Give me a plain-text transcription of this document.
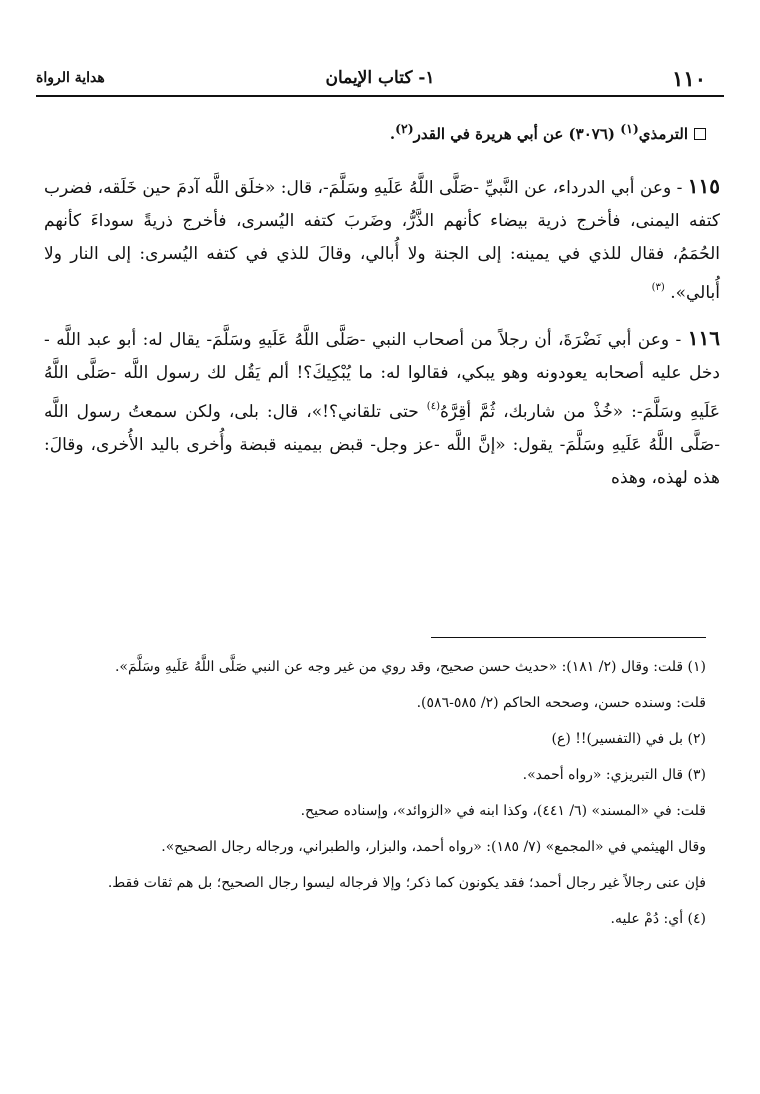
١١٠
١- كتاب الإيمان
هداية الرواة
الترمذي$^{(١)}$ (٣٠٧٦) عن أبي هريرة في القدر$^{(٢)}$.

١١٥ - وعن أبي الدرداء، عن النَّبيِّ -صَلَّى اللَّهُ عَلَيهِ وسَلَّمَ-، قال: «خلَق اللَّه آدمَ حين خَلَقه، فضرب كتفه اليمنى، فأخرج ذرية بيضاء كأنهم الذَّرُّ، وضَربَ كتفه اليُسرى، فأخرج ذريةً سوداءَ كأنهم الحُمَمُ، فقال للذي في يمينه: إلى الجنة ولا أُبالي، وقالَ للذي في كتفه اليُسرى: إلى النار ولا أُبالي». $^{(٣)}$

١١٦ - وعن أبي نَضْرَةَ، أن رجلاً من أصحاب النبي -صَلَّى اللَّهُ عَلَيهِ وسَلَّمَ- يقال له: أبو عبد اللَّه - دخل عليه أصحابه يعودونه وهو يبكي، فقالوا له: ما يُبْكِيكَ؟! ألم يَقُل لك رسول اللَّه -صَلَّى اللَّهُ عَلَيهِ وسَلَّمَ-: «خُذْ من شاربك، ثُمَّ أقِرَّهُ$^{(٤)}$ حتى تلقاني؟!»، قال: بلى، ولكن سمعتُ رسول اللَّه -صَلَّى اللَّهُ عَلَيهِ وسَلَّمَ- يقول: «إنَّ اللَّه -عز وجل- قبض بيمينه قبضة وأُخرى باليد الأُخرى، وقالَ: هذه لهذه، وهذه

(١) قلت: وقال (٢/ ١٨١): «حديث حسن صحيح، وقد روي من غير وجه عن النبي صَلَّى اللَّهُ عَلَيهِ وسَلَّمَ».

قلت: وسنده حسن، وصححه الحاكم (٢/ ٥٨٥-٥٨٦).

(٢) بل في (التفسير)!! (ع)

(٣) قال التبريزي: «رواه أحمد».

قلت: في «المسند» (٦/ ٤٤١)، وكذا ابنه في «الزوائد»، وإسناده صحيح.

وقال الهيثمي في «المجمع» (٧/ ١٨٥): «رواه أحمد، والبزار، والطبراني، ورجاله رجال الصحيح».

فإن عنى رجالاً غير رجال أحمد؛ فقد يكونون كما ذكر؛ وإلا فرجاله ليسوا رجال الصحيح؛ بل هم ثقات فقط.

(٤) أي: دُمْ عليه.
